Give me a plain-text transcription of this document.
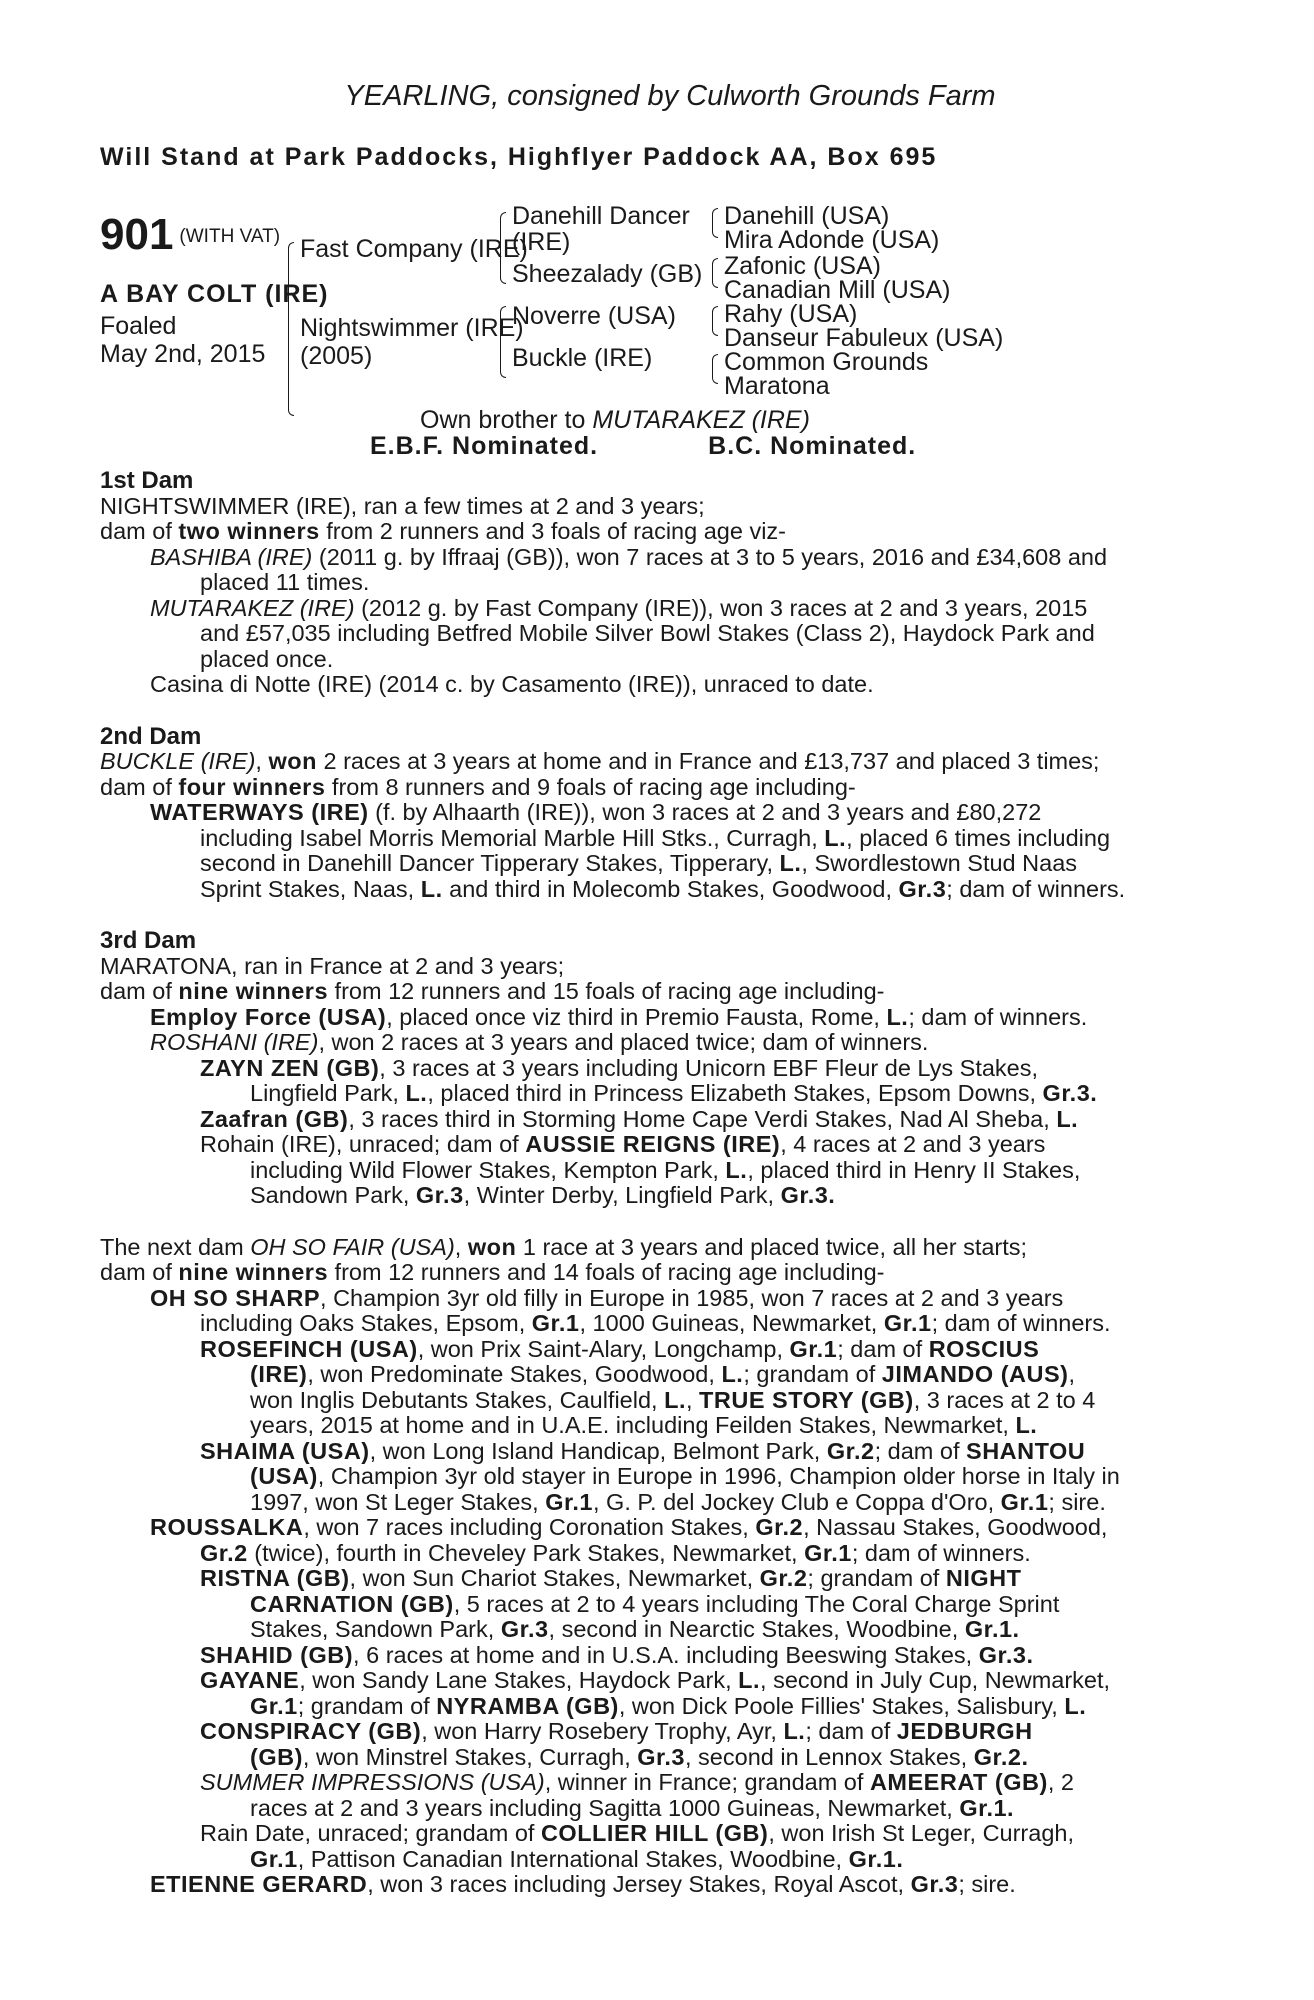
YEARLING, consigned by Culworth Grounds Farm

Will Stand at Park Paddocks, Highflyer Paddock AA, Box 695
901 (WITH VAT)
A BAY COLT (IRE)
Foaled
May 2nd, 2015
Fast Company (IRE)
Nightswimmer (IRE)
(2005)
Danehill Dancer
(IRE)
Sheezalady (GB)
Noverre (USA)
Buckle (IRE)
Danehill (USA)
Mira Adonde (USA)
Zafonic (USA)
Canadian Mill (USA)
Rahy (USA)
Danseur Fabuleux (USA)
Common Grounds
Maratona
Own brother to MUTARAKEZ (IRE)
E.B.F. Nominated.	B.C. Nominated.
1st Dam
NIGHTSWIMMER (IRE), ran a few times at 2 and 3 years;
dam of two winners from 2 runners and 3 foals of racing age viz-
BASHIBA (IRE) (2011 g. by Iffraaj (GB)), won 7 races at 3 to 5 years, 2016 and £34,608 and
placed 11 times.
MUTARAKEZ (IRE) (2012 g. by Fast Company (IRE)), won 3 races at 2 and 3 years, 2015
and £57,035 including Betfred Mobile Silver Bowl Stakes (Class 2), Haydock Park and
placed once.
Casina di Notte (IRE) (2014 c. by Casamento (IRE)), unraced to date.
2nd Dam
BUCKLE (IRE), won 2 races at 3 years at home and in France and £13,737 and placed 3 times;
dam of four winners from 8 runners and 9 foals of racing age including-
WATERWAYS (IRE) (f. by Alhaarth (IRE)), won 3 races at 2 and 3 years and £80,272
including Isabel Morris Memorial Marble Hill Stks., Curragh, L., placed 6 times including
second in Danehill Dancer Tipperary Stakes, Tipperary, L., Swordlestown Stud Naas
Sprint Stakes, Naas, L. and third in Molecomb Stakes, Goodwood, Gr.3; dam of winners.
3rd Dam
MARATONA, ran in France at 2 and 3 years;
dam of nine winners from 12 runners and 15 foals of racing age including-
Employ Force (USA), placed once viz third in Premio Fausta, Rome, L.; dam of winners.
ROSHANI (IRE), won 2 races at 3 years and placed twice; dam of winners.
ZAYN ZEN (GB), 3 races at 3 years including Unicorn EBF Fleur de Lys Stakes,
Lingfield Park, L., placed third in Princess Elizabeth Stakes, Epsom Downs, Gr.3.
Zaafran (GB), 3 races third in Storming Home Cape Verdi Stakes, Nad Al Sheba, L.
Rohain (IRE), unraced; dam of AUSSIE REIGNS (IRE), 4 races at 2 and 3 years
including Wild Flower Stakes, Kempton Park, L., placed third in Henry II Stakes,
Sandown Park, Gr.3, Winter Derby, Lingfield Park, Gr.3.
The next dam OH SO FAIR (USA), won 1 race at 3 years and placed twice, all her starts;
dam of nine winners from 12 runners and 14 foals of racing age including-
OH SO SHARP, Champion 3yr old filly in Europe in 1985, won 7 races at 2 and 3 years
including Oaks Stakes, Epsom, Gr.1, 1000 Guineas, Newmarket, Gr.1; dam of winners.
ROSEFINCH (USA), won Prix Saint-Alary, Longchamp, Gr.1; dam of ROSCIUS
(IRE), won Predominate Stakes, Goodwood, L.; grandam of JIMANDO (AUS),
won Inglis Debutants Stakes, Caulfield, L., TRUE STORY (GB), 3 races at 2 to 4
years, 2015 at home and in U.A.E. including Feilden Stakes, Newmarket, L.
SHAIMA (USA), won Long Island Handicap, Belmont Park, Gr.2; dam of SHANTOU
(USA), Champion 3yr old stayer in Europe in 1996, Champion older horse in Italy in
1997, won St Leger Stakes, Gr.1, G. P. del Jockey Club e Coppa d'Oro, Gr.1; sire.
ROUSSALKA, won 7 races including Coronation Stakes, Gr.2, Nassau Stakes, Goodwood,
Gr.2 (twice), fourth in Cheveley Park Stakes, Newmarket, Gr.1; dam of winners.
RISTNA (GB), won Sun Chariot Stakes, Newmarket, Gr.2; grandam of NIGHT
CARNATION (GB), 5 races at 2 to 4 years including The Coral Charge Sprint
Stakes, Sandown Park, Gr.3, second in Nearctic Stakes, Woodbine, Gr.1.
SHAHID (GB), 6 races at home and in U.S.A. including Beeswing Stakes, Gr.3.
GAYANE, won Sandy Lane Stakes, Haydock Park, L., second in July Cup, Newmarket,
Gr.1; grandam of NYRAMBA (GB), won Dick Poole Fillies' Stakes, Salisbury, L.
CONSPIRACY (GB), won Harry Rosebery Trophy, Ayr, L.; dam of JEDBURGH
(GB), won Minstrel Stakes, Curragh, Gr.3, second in Lennox Stakes, Gr.2.
SUMMER IMPRESSIONS (USA), winner in France; grandam of AMEERAT (GB), 2
races at 2 and 3 years including Sagitta 1000 Guineas, Newmarket, Gr.1.
Rain Date, unraced; grandam of COLLIER HILL (GB), won Irish St Leger, Curragh,
Gr.1, Pattison Canadian International Stakes, Woodbine, Gr.1.
ETIENNE GERARD, won 3 races including Jersey Stakes, Royal Ascot, Gr.3; sire.
